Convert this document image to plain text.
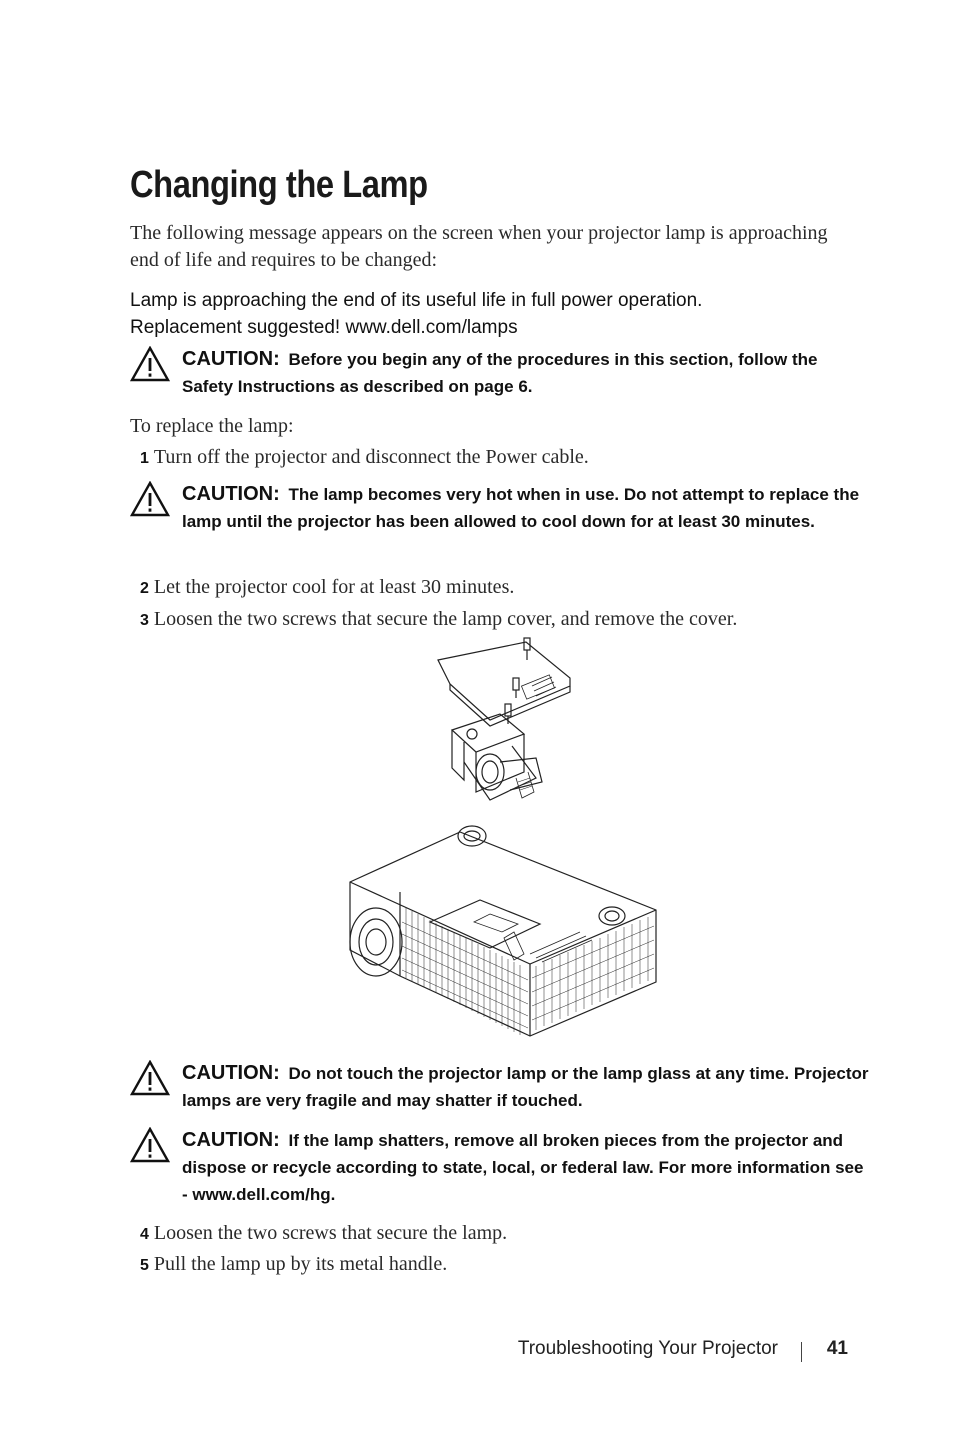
Changing the Lamp
The following message appears on the screen when your projector lamp is approaching end of life and requires to be changed:
Lamp is approaching the end of its useful life in full power operation.
Replacement suggested! www.dell.com/lamps
CAUTION: Before you begin any of the procedures in this section, follow the Safety Instructions as described on page 6.
To replace the lamp:
1 Turn off the projector and disconnect the Power cable.
CAUTION: The lamp becomes very hot when in use. Do not attempt to replace the lamp until the projector has been allowed to cool down for at least 30 minutes.
2 Let the projector cool for at least 30 minutes.
3 Loosen the two screws that secure the lamp cover, and remove the cover.
CAUTION: Do not touch the projector lamp or the lamp glass at any time. Projector lamps are very fragile and may shatter if touched.
CAUTION: If the lamp shatters, remove all broken pieces from the projector and dispose or recycle according to state, local, or federal law. For more information see - www.dell.com/hg.
4 Loosen the two screws that secure the lamp.
5 Pull the lamp up by its metal handle.
Troubleshooting Your Projector	41
